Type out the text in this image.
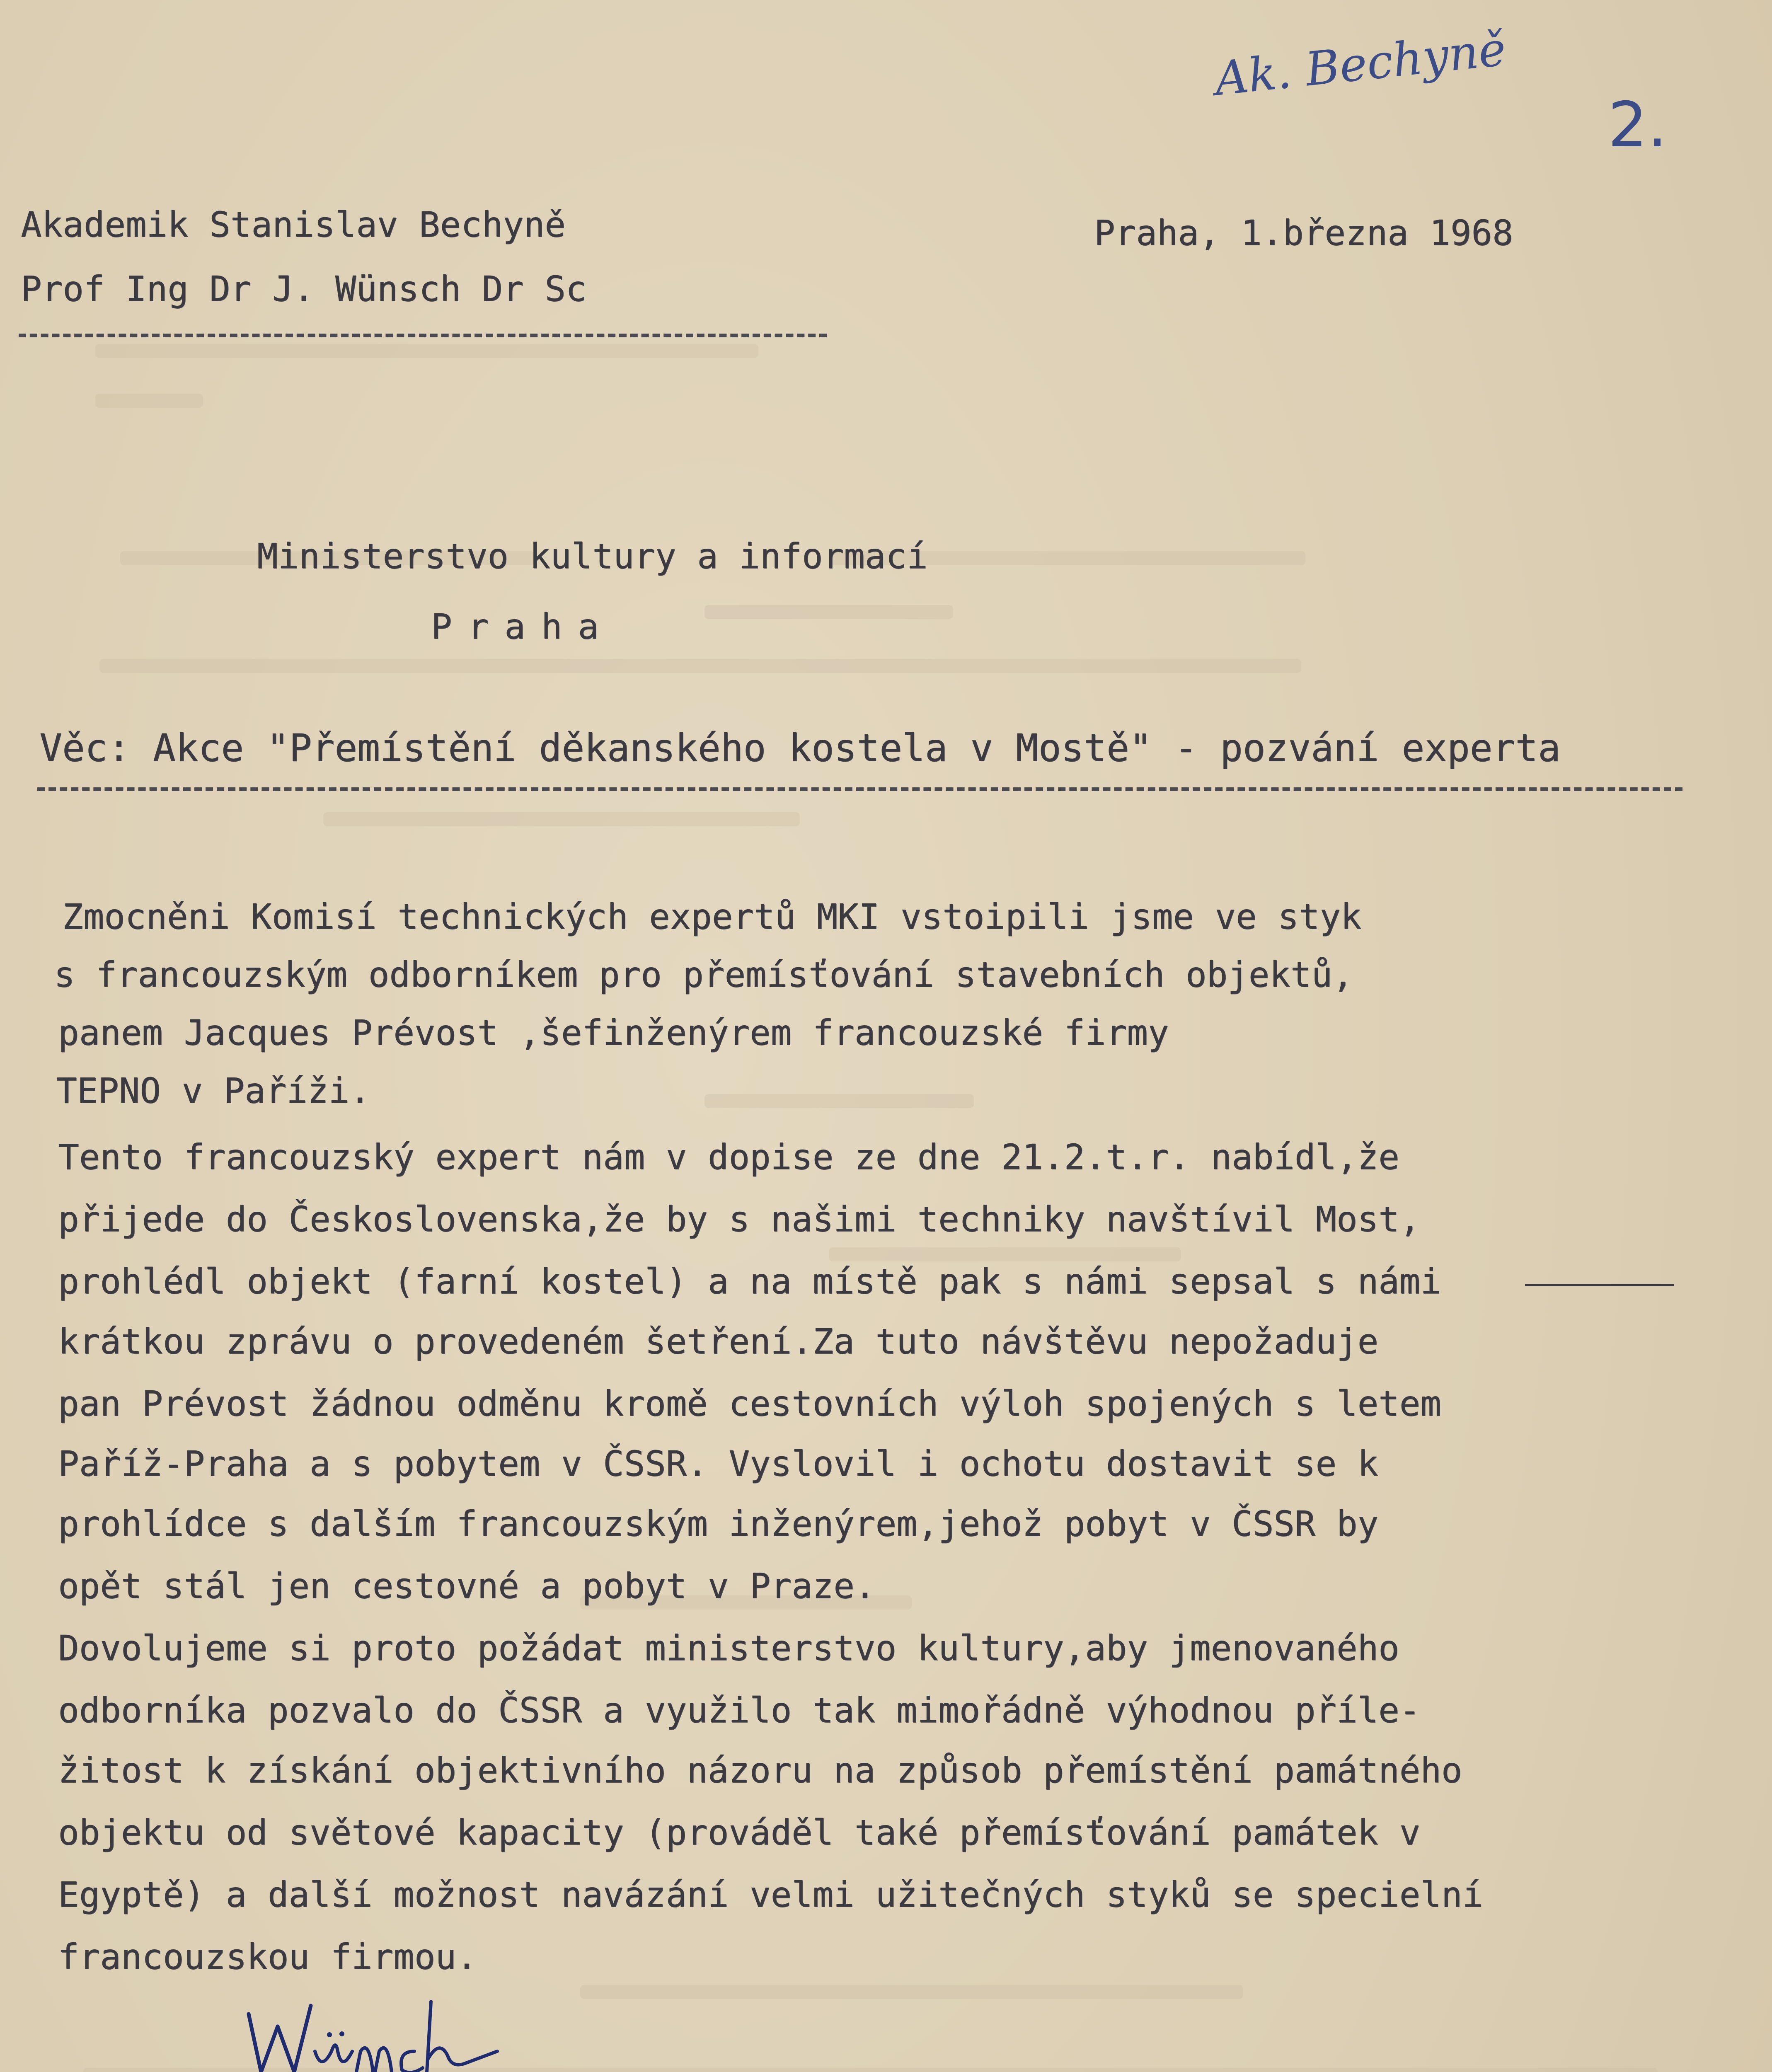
Ak. Bechyně
2.
Akademik Stanislav Bechyně
Prof Ing Dr J. Wünsch Dr Sc
Praha, 1.března 1968
Ministerstvo kultury a informací
Praha
Věc: Akce "Přemístění děkanského kostela v Mostě" - pozvání experta
Zmocněni Komisí technických expertů MKI vstoipili jsme ve styk
s francouzským odborníkem pro přemísťování stavebních objektů,
panem Jacques Prévost ,šefinženýrem francouzské firmy
TEPNO v Paříži.
Tento francouzský expert nám v dopise ze dne 21.2.t.r. nabídl,že
přijede do Československa,že by s našimi techniky navštívil Most,
prohlédl objekt (farní kostel) a na místě pak s námi sepsal s námi
krátkou zprávu o provedeném šetření.Za tuto návštěvu nepožaduje
pan Prévost žádnou odměnu kromě cestovních výloh spojených s letem
Paříž-Praha a s pobytem v ČSSR. Vyslovil i ochotu dostavit se k
prohlídce s dalším francouzským inženýrem,jehož pobyt v ČSSR by
opět stál jen cestovné a pobyt v Praze.
Dovolujeme si proto požádat ministerstvo kultury,aby jmenovaného
odborníka pozvalo do ČSSR a využilo tak mimořádně výhodnou příle-
žitost k získání objektivního názoru na způsob přemístění památného
objektu od světové kapacity (prováděl také přemísťování památek v
Egyptě) a další možnost navázání velmi užitečných styků se specielní
francouzskou firmou.
